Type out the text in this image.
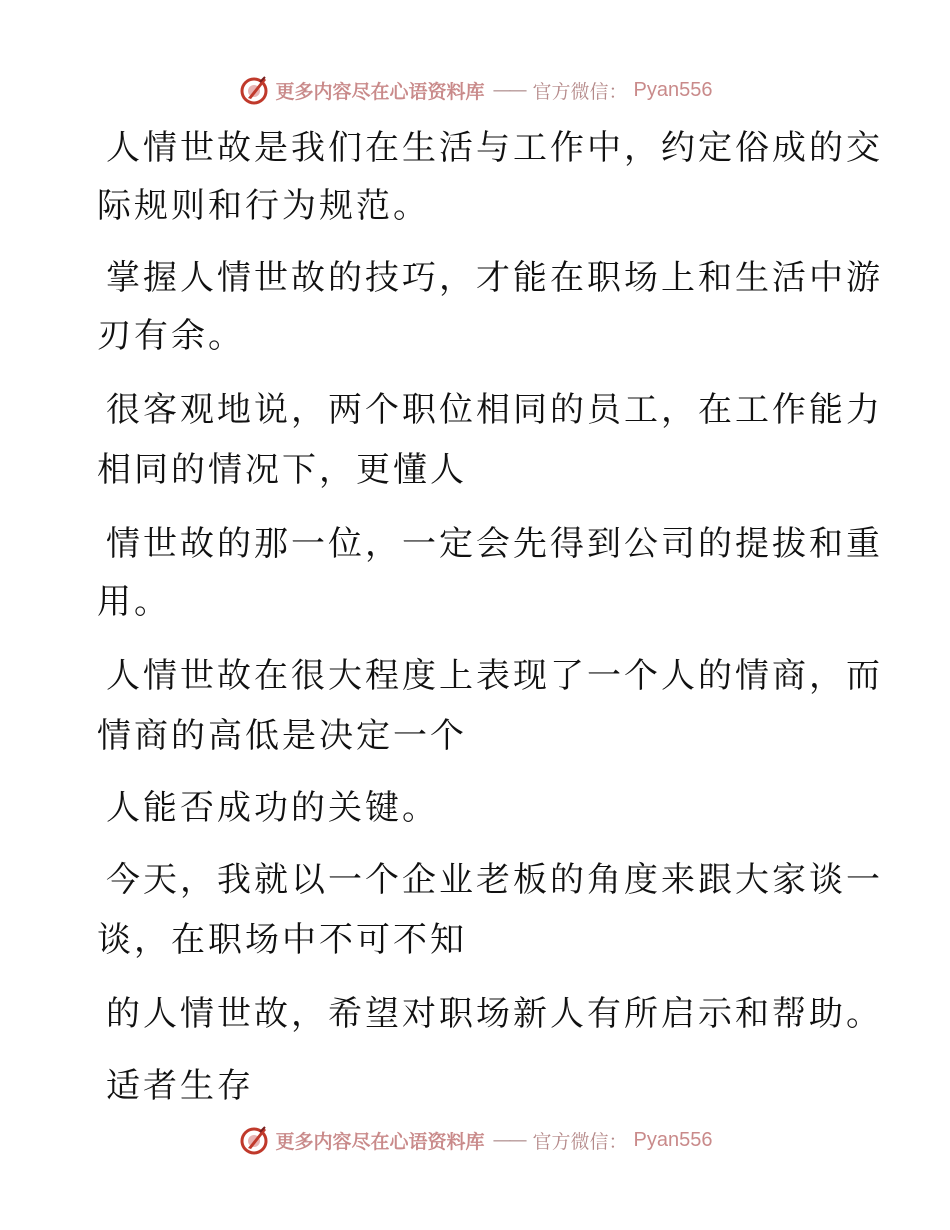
更多内容尽在心语资料库 —— 官方微信： Pyan556
人情世故是我们在生活与工作中，约定俗成的交
际规则和行为规范。
掌握人情世故的技巧，才能在职场上和生活中游
刃有余。
很客观地说，两个职位相同的员工，在工作能力
相同的情况下，更懂人
情世故的那一位，一定会先得到公司的提拔和重
用。
人情世故在很大程度上表现了一个人的情商，而
情商的高低是决定一个
人能否成功的关键。
今天，我就以一个企业老板的角度来跟大家谈一
谈，在职场中不可不知
的人情世故，希望对职场新人有所启示和帮助。
适者生存
更多内容尽在心语资料库 —— 官方微信： Pyan556
